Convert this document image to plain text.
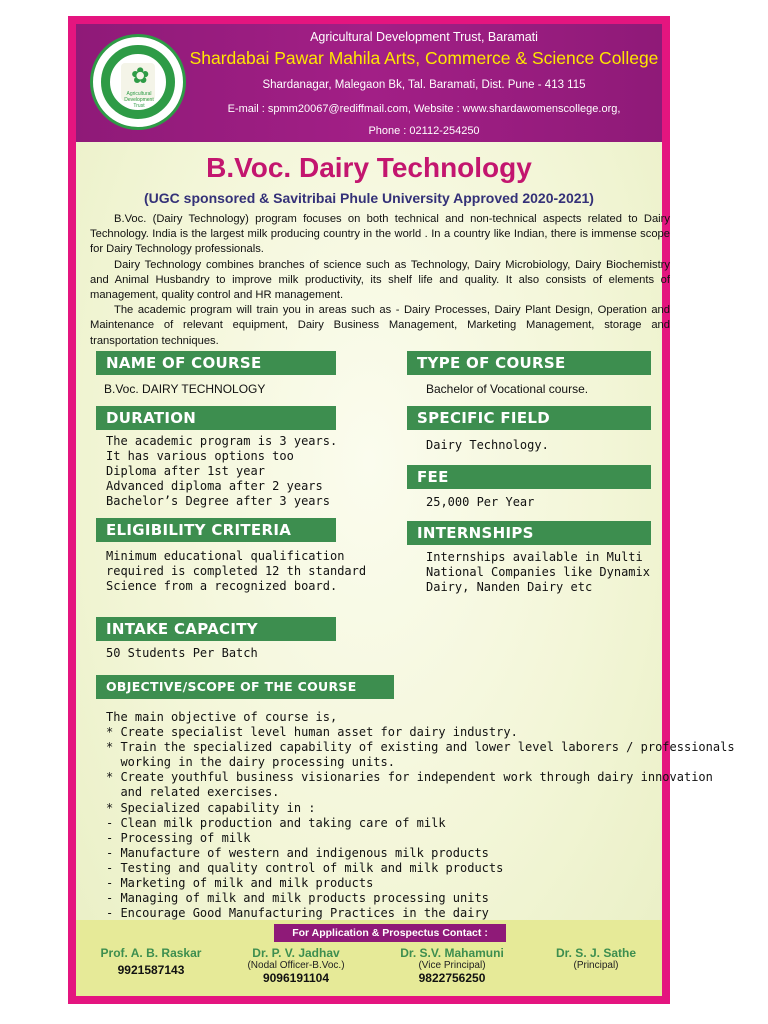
✿
Agricultural Development Trust
Agricultural Development Trust, Baramati
Shardabai Pawar Mahila Arts, Commerce & Science College
Shardanagar, Malegaon Bk, Tal. Baramati, Dist. Pune - 413 115
E-mail : spmm20067@rediffmail.com, Website : www.shardawomenscollege.org,
Phone : 02112-254250
B.Voc. Dairy Technology
(UGC sponsored & Savitribai Phule University Approved 2020-2021)

B.Voc. (Dairy Technology) program focuses on both technical and non-technical aspects related to Dairy Technology. India is the largest milk producing country in the world . In a country like Indian, there is immense scope for Dairy Technology professionals.

Dairy Technology combines branches of science such as Technology, Dairy Microbiology, Dairy Biochemistry and Animal Husbandry to improve milk productivity, its shelf life and quality. It also consists of elements of management, quality control and HR management.

The academic program will train you in areas such as - Dairy Processes, Dairy Plant Design, Operation and Maintenance of relevant equipment, Dairy Business Management, Marketing Management, storage and transportation techniques.

NAME OF COURSE
B.Voc. DAIRY TECHNOLOGY
TYPE OF COURSE
Bachelor of Vocational course.
DURATION
The academic program is 3 years.
It has various options too
Diploma after 1st year
Advanced diploma after 2 years
Bachelor’s Degree after 3 years
SPECIFIC FIELD
Dairy Technology.
FEE
25,000 Per Year
ELIGIBILITY CRITERIA
Minimum educational qualification
required is completed 12 th standard
Science from a recognized board.
INTERNSHIPS
Internships available in Multi
National Companies like Dynamix
Dairy, Nanden Dairy etc
INTAKE CAPACITY
50 Students Per Batch
OBJECTIVE/SCOPE OF THE COURSE
The main objective of course is,
* Create specialist level human asset for dairy industry.
* Train the specialized capability of existing and lower level laborers / professionals
working in the dairy processing units.
* Create youthful business visionaries for independent work through dairy innovation
and related exercises.
* Specialized capability in :
- Clean milk production and taking care of milk
- Processing of milk
- Manufacture of western and indigenous milk products
- Testing and quality control of milk and milk products
- Marketing of milk and milk products
- Managing of milk and milk products processing units
- Encourage Good Manufacturing Practices in the dairy
For Application & Prospectus Contact :
Prof. A. B. Raskar
9921587143
Dr. P. V. Jadhav
(Nodal Officer-B.Voc.)
9096191104
Dr. S.V. Mahamuni
(Vice Principal)
9822756250
Dr. S. J. Sathe
(Principal)
